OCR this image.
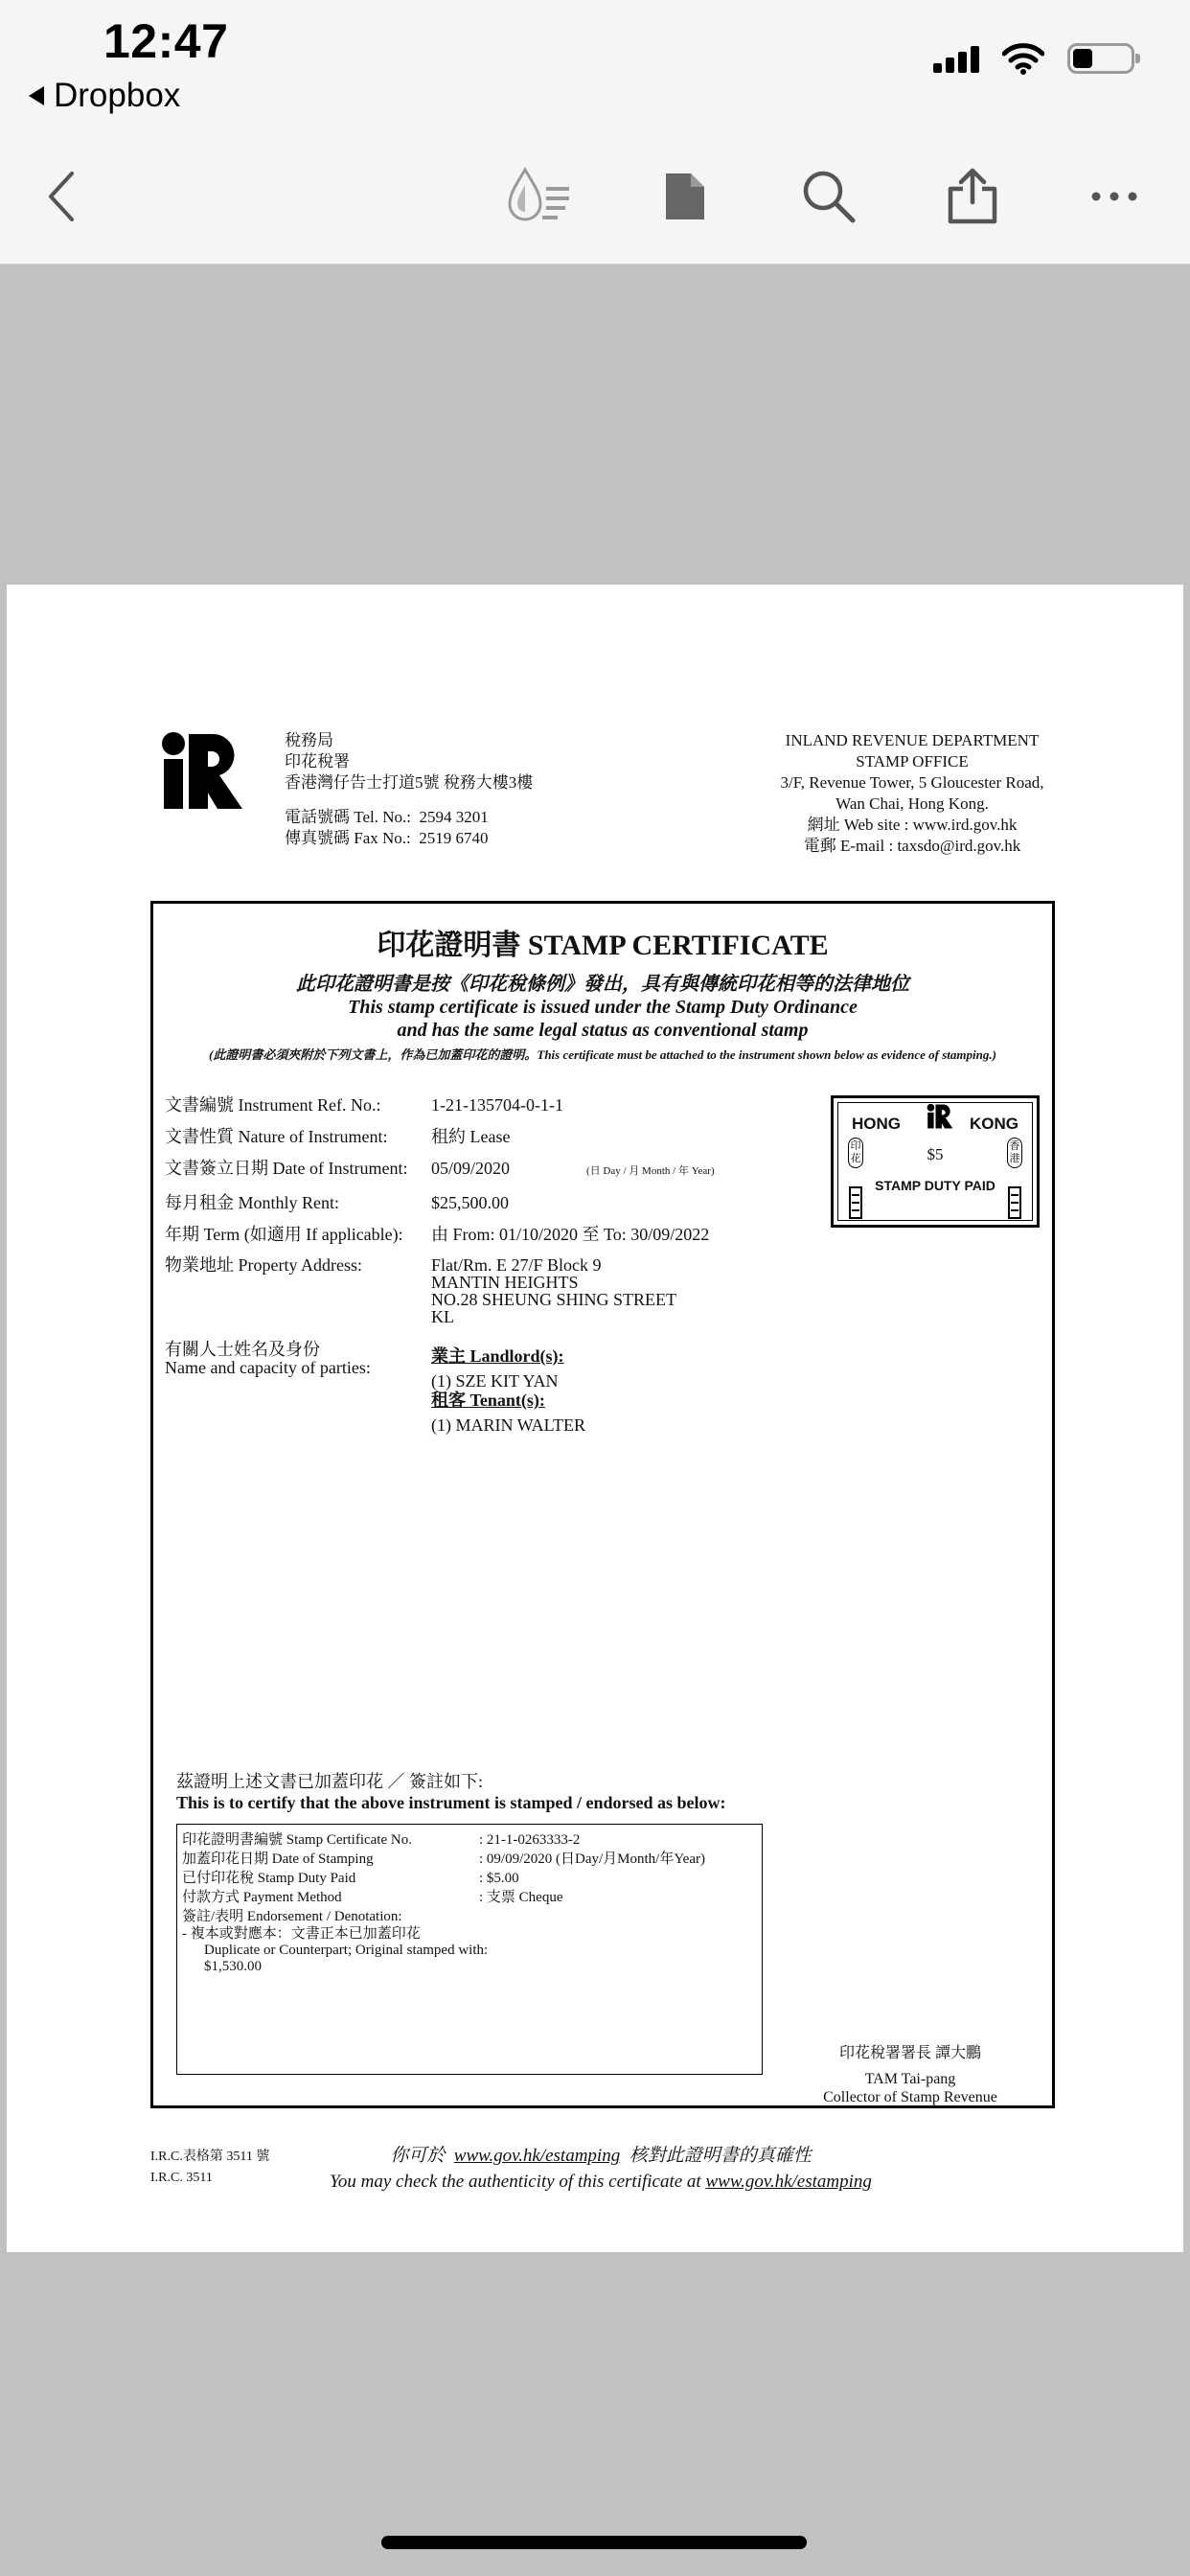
12:47
Dropbox
稅務局
印花稅署
香港灣仔告士打道5號 稅務大樓3樓
電話號碼 Tel. No.: 2594 3201
傳真號碼 Fax No.: 2519 6740
INLAND REVENUE DEPARTMENT
STAMP OFFICE
3/F, Revenue Tower, 5 Gloucester Road,
Wan Chai, Hong Kong.
網址 Web site : www.ird.gov.hk
電郵 E-mail : taxsdo@ird.gov.hk
印花證明書 STAMP CERTIFICATE
此印花證明書是按《印花稅條例》發出，具有與傳統印花相等的法律地位
This stamp certificate is issued under the Stamp Duty Ordinance
and has the same legal status as conventional stamp
(此證明書必須夾附於下列文書上，作為已加蓋印花的證明。This certificate must be attached to the instrument shown below as evidence of stamping.)
文書編號 Instrument Ref. No.:	1-21-135704-0-1-1
文書性質 Nature of Instrument:	租約 Lease
文書簽立日期 Date of Instrument:	05/09/2020	(日 Day / 月 Month / 年 Year)
每月租金 Monthly Rent:	$25,500.00
年期 Term (如適用 If applicable):	由 From: 01/10/2020 至 To: 30/09/2022
物業地址 Property Address:	Flat/Rm. E 27/F Block 9
MANTIN HEIGHTS
NO.28 SHEUNG SHING STREET
KL
有關人士姓名及身份
Name and capacity of parties:
業主 Landlord(s):
(1) SZE KIT YAN
租客 Tenant(s):
(1) MARIN WALTER
HONG	KONG
印花
香港
$5
STAMP DUTY PAID
茲證明上述文書已加蓋印花 ／ 簽註如下:
This is to certify that the above instrument is stamped / endorsed as below:
印花證明書編號 Stamp Certificate No.	: 21-1-0263333-2
加蓋印花日期 Date of Stamping	: 09/09/2020 (日Day/月Month/年Year)
已付印花稅 Stamp Duty Paid	: $5.00
付款方式 Payment Method	: 支票 Cheque
簽註/表明 Endorsement / Denotation:
- 複本或對應本：文書正本已加蓋印花
Duplicate or Counterpart; Original stamped with:
$1,530.00
印花稅署署長 譚大鵬
TAM Tai-pang
Collector of Stamp Revenue
I.R.C.表格第 3511 號
I.R.C. 3511
你可於 www.gov.hk/estamping 核對此證明書的真確性
You may check the authenticity of this certificate at www.gov.hk/estamping
